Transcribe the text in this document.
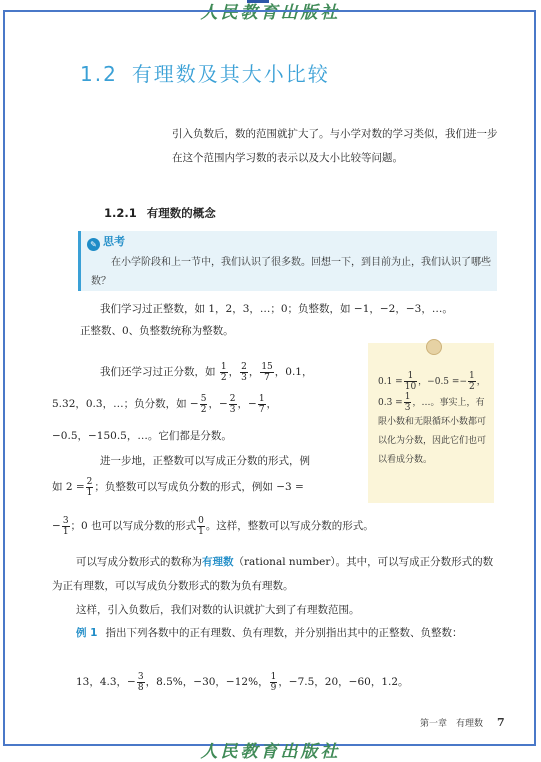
人民教育出版社
1.2 有理数及其大小比较
引入负数后，数的范围就扩大了。与小学对数的学习类似，我们进一步在这个范围内学习数的表示以及大小比较等问题。
1.2.1 有理数的概念
✎ 思考
在小学阶段和上一节中，我们认识了很多数。回想一下，到目前为止，我们认识了哪些数？
我们学习过正整数，如 1，2，3，…；0；负整数，如 −1，−2，−3，…。
正整数、0、负整数统称为整数。
我们还学习过正分数，如 $\frac{1}{2}$ ， $\frac{2}{3}$ ， $\frac{15}{7}$ ，0.1，
5.32，0.3̇，…；负分数，如 − $\frac{5}{2}$ ，− $\frac{2}{3}$ ，− $\frac{1}{7}$ ，
−0.5，−150.5，…。它们都是分数。
进一步地，正整数可以写成正分数的形式，例
如 $2 = \frac{2}{1}$ ；负整数可以写成负分数的形式，例如 −3 =
− $\frac{3}{1}$ ；0 也可以写成分数的形式 $\frac{0}{1}$ 。这样，整数可以写成分数的形式。
$0.1 = \frac{1}{10}$ ，$-0.5 =- \frac{1}{2}$ ，0.3̇ = $\frac{1}{3}$ ，…。事实上，有限小数和无限循环小数都可以化为分数，因此它们也可以看成分数。
可以写成分数形式的数称为有理数（rational number）。其中，可以写成正分数形式的数为正有理数，可以写成负分数形式的数为负有理数。
这样，引入负数后，我们对数的认识就扩大到了有理数范围。
例 1 指出下列各数中的正有理数、负有理数，并分别指出其中的正整数、负整数：
13，4.3，− $\frac{3}{8}$ ，8.5%，−30，−12%， $\frac{1}{9}$ ，−7.5，20，−60，1.2̇。
第一章　有理数 7
人民教育出版社
